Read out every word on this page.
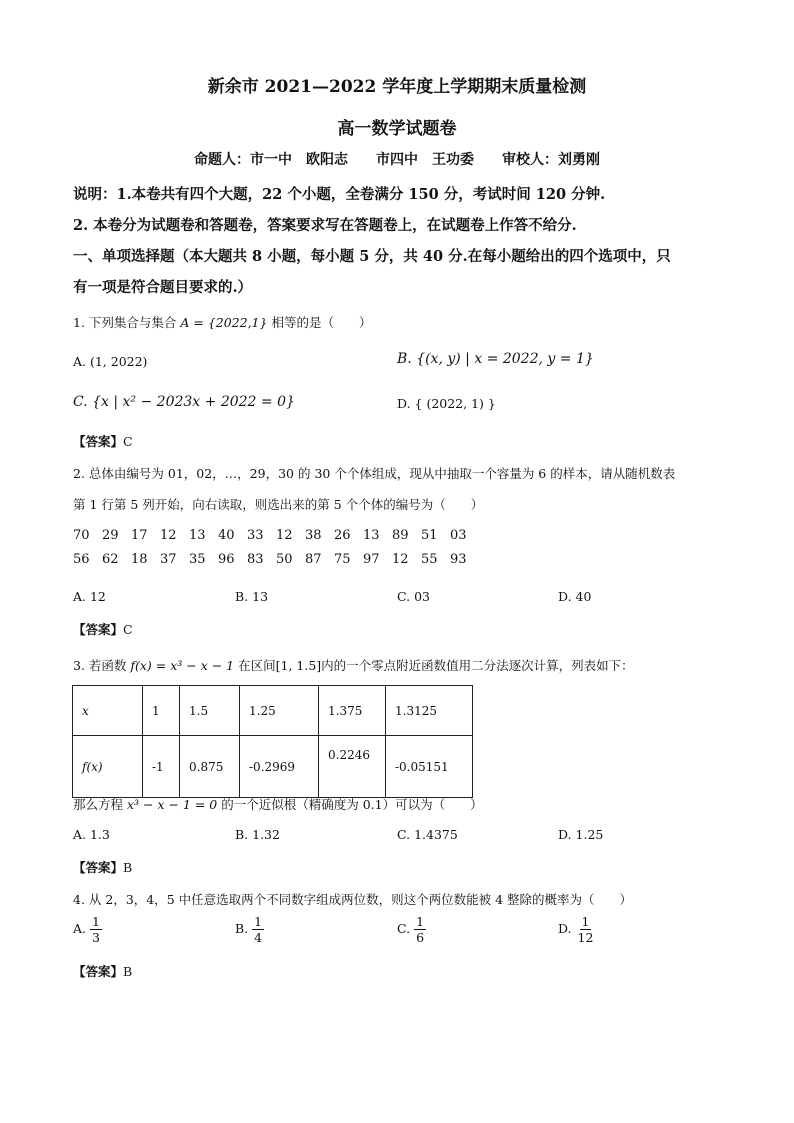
新余市 2021—2022 学年度上学期期末质量检测
高一数学试题卷
命题人：市一中　欧阳志　　市四中　王功委　　审校人：刘勇刚
说明：1.本卷共有四个大题，22 个小题，全卷满分 150 分，考试时间 120 分钟.
2. 本卷分为试题卷和答题卷，答案要求写在答题卷上，在试题卷上作答不给分.
一、单项选择题（本大题共 8 小题，每小题 5 分，共 40 分.在每小题给出的四个选项中，只
有一项是符合题目要求的.）
1. 下列集合与集合 A = {2022,1} 相等的是（　　）
A. (1, 2022)	B. {(x, y) | x = 2022, y = 1}
C. {x | x² − 2023x + 2022 = 0}	D. { (2022, 1) }
【答案】C
2. 总体由编号为 01，02，…，29，30 的 30 个个体组成，现从中抽取一个容量为 6 的样本，请从随机数表
第 1 行第 5 列开始，向右读取，则选出来的第 5 个个体的编号为（　　）
70 29 17 12 13 40 33 12 38 26 13 89 51 03
56 62 18 37 35 96 83 50 87 75 97 12 55 93
A. 12	B. 13	C. 03	D. 40
【答案】C
3. 若函数 f(x) = x³ − x − 1 在区间[1, 1.5]内的一个零点附近函数值用二分法逐次计算，列表如下：
x	1	1.5	1.25	1.375	1.3125
f(x)	-1	0.875	-0.2969	0.2246	-0.05151
那么方程 x³ − x − 1 = 0 的一个近似根（精确度为 0.1）可以为（　　）
A. 1.3	B. 1.32	C. 1.4375	D. 1.25
【答案】B
4. 从 2，3，4，5 中任意选取两个不同数字组成两位数，则这个两位数能被 4 整除的概率为（　　）
A. $\frac{1}{3}$	B. $\frac{1}{4}$	C. $\frac{1}{6}$	D. $\frac{1}{12}$
【答案】B
